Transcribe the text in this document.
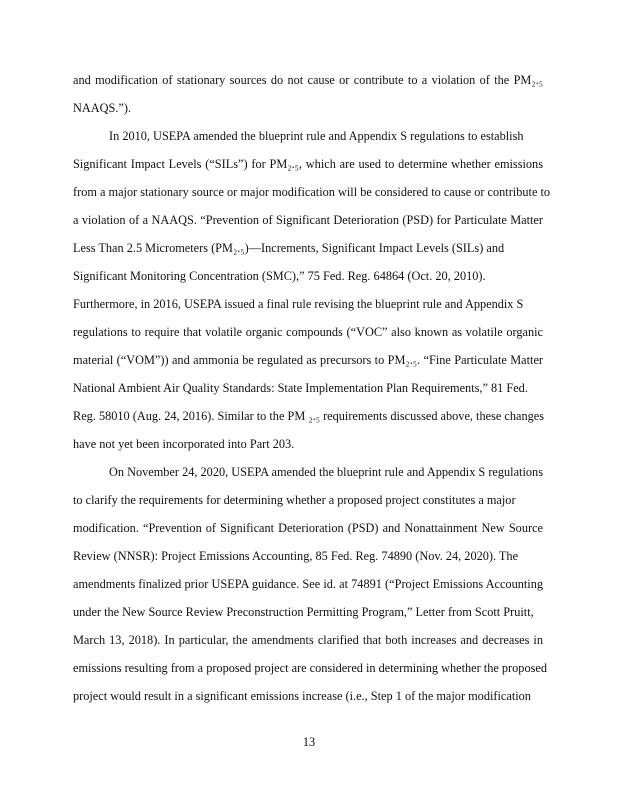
and modification of stationary sources do not cause or contribute to a violation of the PM₂.₅
NAAQS.”).
In 2010, USEPA amended the blueprint rule and Appendix S regulations to establish
Significant Impact Levels (“SILs”) for PM₂.₅, which are used to determine whether emissions
from a major stationary source or major modification will be considered to cause or contribute to
a violation of a NAAQS. “Prevention of Significant Deterioration (PSD) for Particulate Matter
Less Than 2.5 Micrometers (PM₂.₅)—Increments, Significant Impact Levels (SILs) and
Significant Monitoring Concentration (SMC),” 75 Fed. Reg. 64864 (Oct. 20, 2010).
Furthermore, in 2016, USEPA issued a final rule revising the blueprint rule and Appendix S
regulations to require that volatile organic compounds (“VOC” also known as volatile organic
material (“VOM”)) and ammonia be regulated as precursors to PM₂.₅. “Fine Particulate Matter
National Ambient Air Quality Standards: State Implementation Plan Requirements,” 81 Fed.
Reg. 58010 (Aug. 24, 2016). Similar to the PM ₂.₅ requirements discussed above, these changes
have not yet been incorporated into Part 203.
On November 24, 2020, USEPA amended the blueprint rule and Appendix S regulations
to clarify the requirements for determining whether a proposed project constitutes a major
modification. “Prevention of Significant Deterioration (PSD) and Nonattainment New Source
Review (NNSR): Project Emissions Accounting, 85 Fed. Reg. 74890 (Nov. 24, 2020). The
amendments finalized prior USEPA guidance. See id. at 74891 (“Project Emissions Accounting
under the New Source Review Preconstruction Permitting Program,” Letter from Scott Pruitt,
March 13, 2018). In particular, the amendments clarified that both increases and decreases in
emissions resulting from a proposed project are considered in determining whether the proposed
project would result in a significant emissions increase (i.e., Step 1 of the major modification
13
